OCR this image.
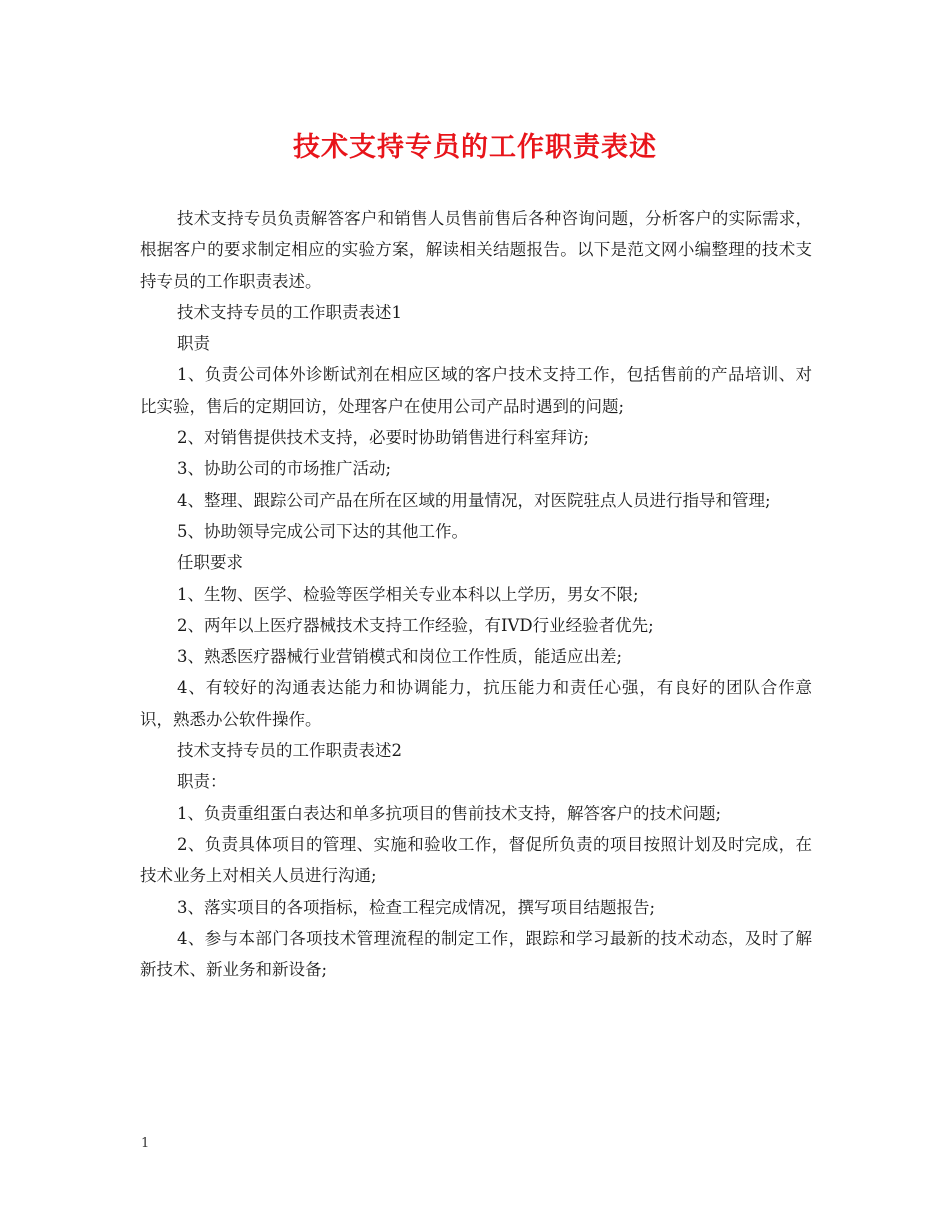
技术支持专员的工作职责表述

技术支持专员负责解答客户和销售人员售前售后各种咨询问题，分析客户的实际需求，根据客户的要求制定相应的实验方案，解读相关结题报告。以下是范文网小编整理的技术支持专员的工作职责表述。

技术支持专员的工作职责表述1

职责

1、负责公司体外诊断试剂在相应区域的客户技术支持工作，包括售前的产品培训、对比实验，售后的定期回访，处理客户在使用公司产品时遇到的问题;

2、对销售提供技术支持，必要时协助销售进行科室拜访;

3、协助公司的市场推广活动;

4、整理、跟踪公司产品在所在区域的用量情况，对医院驻点人员进行指导和管理;

5、协助领导完成公司下达的其他工作。

任职要求

1、生物、医学、检验等医学相关专业本科以上学历，男女不限;

2、两年以上医疗器械技术支持工作经验，有IVD行业经验者优先;

3、熟悉医疗器械行业营销模式和岗位工作性质，能适应出差;

4、有较好的沟通表达能力和协调能力，抗压能力和责任心强，有良好的团队合作意识，熟悉办公软件操作。

技术支持专员的工作职责表述2

职责：

1、负责重组蛋白表达和单多抗项目的售前技术支持，解答客户的技术问题;

2、负责具体项目的管理、实施和验收工作，督促所负责的项目按照计划及时完成，在技术业务上对相关人员进行沟通;

3、落实项目的各项指标，检查工程完成情况，撰写项目结题报告;

4、参与本部门各项技术管理流程的制定工作，跟踪和学习最新的技术动态，及时了解新技术、新业务和新设备;

1
